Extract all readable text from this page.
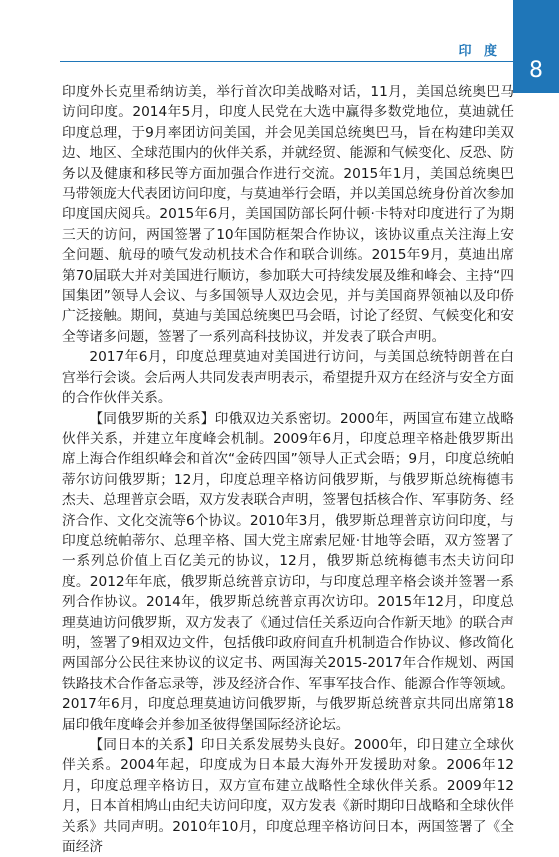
印 度
8

印度外长克里希纳访美，举行首次印美战略对话，11月，美国总统奥巴马访问印度。2014年5月，印度人民党在大选中赢得多数党地位，莫迪就任印度总理，于9月率团访问美国，并会见美国总统奥巴马，旨在构建印美双边、地区、全球范围内的伙伴关系，并就经贸、能源和气候变化、反恐、防务以及健康和移民等方面加强合作进行交流。2015年1月，美国总统奥巴马带领庞大代表团访问印度，与莫迪举行会晤，并以美国总统身份首次参加印度国庆阅兵。2015年6月，美国国防部长阿什顿·卡特对印度进行了为期三天的访问，两国签署了10年国防框架合作协议，该协议重点关注海上安全问题、航母的喷气发动机技术合作和联合训练。2015年9月，莫迪出席第70届联大并对美国进行顺访，参加联大可持续发展及维和峰会、主持“四国集团”领导人会议、与多国领导人双边会见，并与美国商界领袖以及印侨广泛接触。期间，莫迪与美国总统奥巴马会晤，讨论了经贸、气候变化和安全等诸多问题，签署了一系列高科技协议，并发表了联合声明。

2017年6月，印度总理莫迪对美国进行访问，与美国总统特朗普在白宫举行会谈。会后两人共同发表声明表示，希望提升双方在经济与安全方面的合作伙伴关系。

【同俄罗斯的关系】印俄双边关系密切。2000年，两国宣布建立战略伙伴关系，并建立年度峰会机制。2009年6月，印度总理辛格赴俄罗斯出席上海合作组织峰会和首次“金砖四国”领导人正式会晤；9月，印度总统帕蒂尔访问俄罗斯；12月，印度总理辛格访问俄罗斯，与俄罗斯总统梅德韦杰夫、总理普京会晤，双方发表联合声明，签署包括核合作、军事防务、经济合作、文化交流等6个协议。2010年3月，俄罗斯总理普京访问印度，与印度总统帕蒂尔、总理辛格、国大党主席索尼娅·甘地等会晤，双方签署了一系列总价值上百亿美元的协议，12月，俄罗斯总统梅德韦杰夫访问印度。2012年年底，俄罗斯总统普京访印，与印度总理辛格会谈并签署一系列合作协议。2014年，俄罗斯总统普京再次访印。2015年12月，印度总理莫迪访问俄罗斯，双方发表了《通过信任关系迈向合作新天地》的联合声明，签署了9相双边文件，包括俄印政府间直升机制造合作协议、修改简化两国部分公民往来协议的议定书、两国海关2015-2017年合作规划、两国铁路技术合作备忘录等，涉及经济合作、军事军技合作、能源合作等领域。2017年6月，印度总理莫迪访问俄罗斯，与俄罗斯总统普京共同出席第18届印俄年度峰会并参加圣彼得堡国际经济论坛。

【同日本的关系】印日关系发展势头良好。2000年，印日建立全球伙伴关系。2004年起，印度成为日本最大海外开发援助对象。2006年12月，印度总理辛格访日，双方宣布建立战略性全球伙伴关系。2009年12月，日本首相鸠山由纪夫访问印度，双方发表《新时期印日战略和全球伙伴关系》共同声明。2010年10月，印度总理辛格访问日本，两国签署了《全面经济
